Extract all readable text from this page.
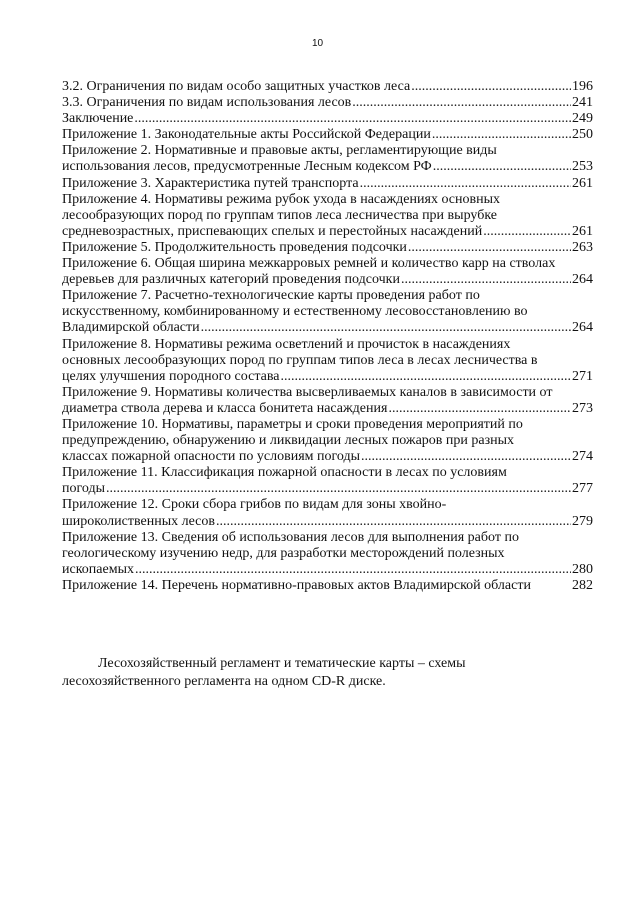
10
3.2. Ограничения по видам особо защитных участков леса .....	196
3.3. Ограничения по видам использования лесов .....	241
Заключение .....	249
Приложение 1. Законодательные акты Российской Федерации .....	250
Приложение 2. Нормативные и правовые акты, регламентирующие виды
использования лесов, предусмотренные Лесным кодексом РФ .....	253
Приложение 3. Характеристика путей транспорта .....	261
Приложение 4. Нормативы режима рубок ухода в насаждениях основных
лесообразующих пород по группам типов леса лесничества при вырубке
средневозрастных, приспевающих спелых и перестойных насаждений .....	261
Приложение 5. Продолжительность проведения подсочки .....	263
Приложение 6. Общая ширина межкарровых ремней и количество карр на стволах
деревьев для различных категорий проведения подсочки .....	264
Приложение 7. Расчетно-технологические карты проведения работ по
искусственному, комбинированному и естественному лесовосстановлению во
Владимирской области .....	264
Приложение 8. Нормативы режима осветлений и прочисток в насаждениях
основных лесообразующих пород по группам типов леса в лесах лесничества в
целях улучшения породного состава .....	271
Приложение 9. Нормативы количества высверливаемых каналов в зависимости от
диаметра ствола дерева и класса бонитета насаждения .....	273
Приложение 10. Нормативы, параметры и сроки проведения мероприятий по
предупреждению, обнаружению и ликвидации лесных пожаров при разных
классах пожарной опасности по условиям погоды .....	274
Приложение 11. Классификация пожарной опасности в лесах по условиям
погоды .....	277
Приложение 12. Сроки сбора грибов по видам для зоны хвойно-
широколиственных лесов .....	279
Приложение 13. Сведения об использования лесов для выполнения работ по
геологическому изучению недр, для разработки месторождений полезных
ископаемых .....	280
Приложение 14. Перечень нормативно-правовых актов Владимирской области	282
Лесохозяйственный регламент и тематические карты – схемы
лесохозяйственного регламента на одном CD-R диске.
